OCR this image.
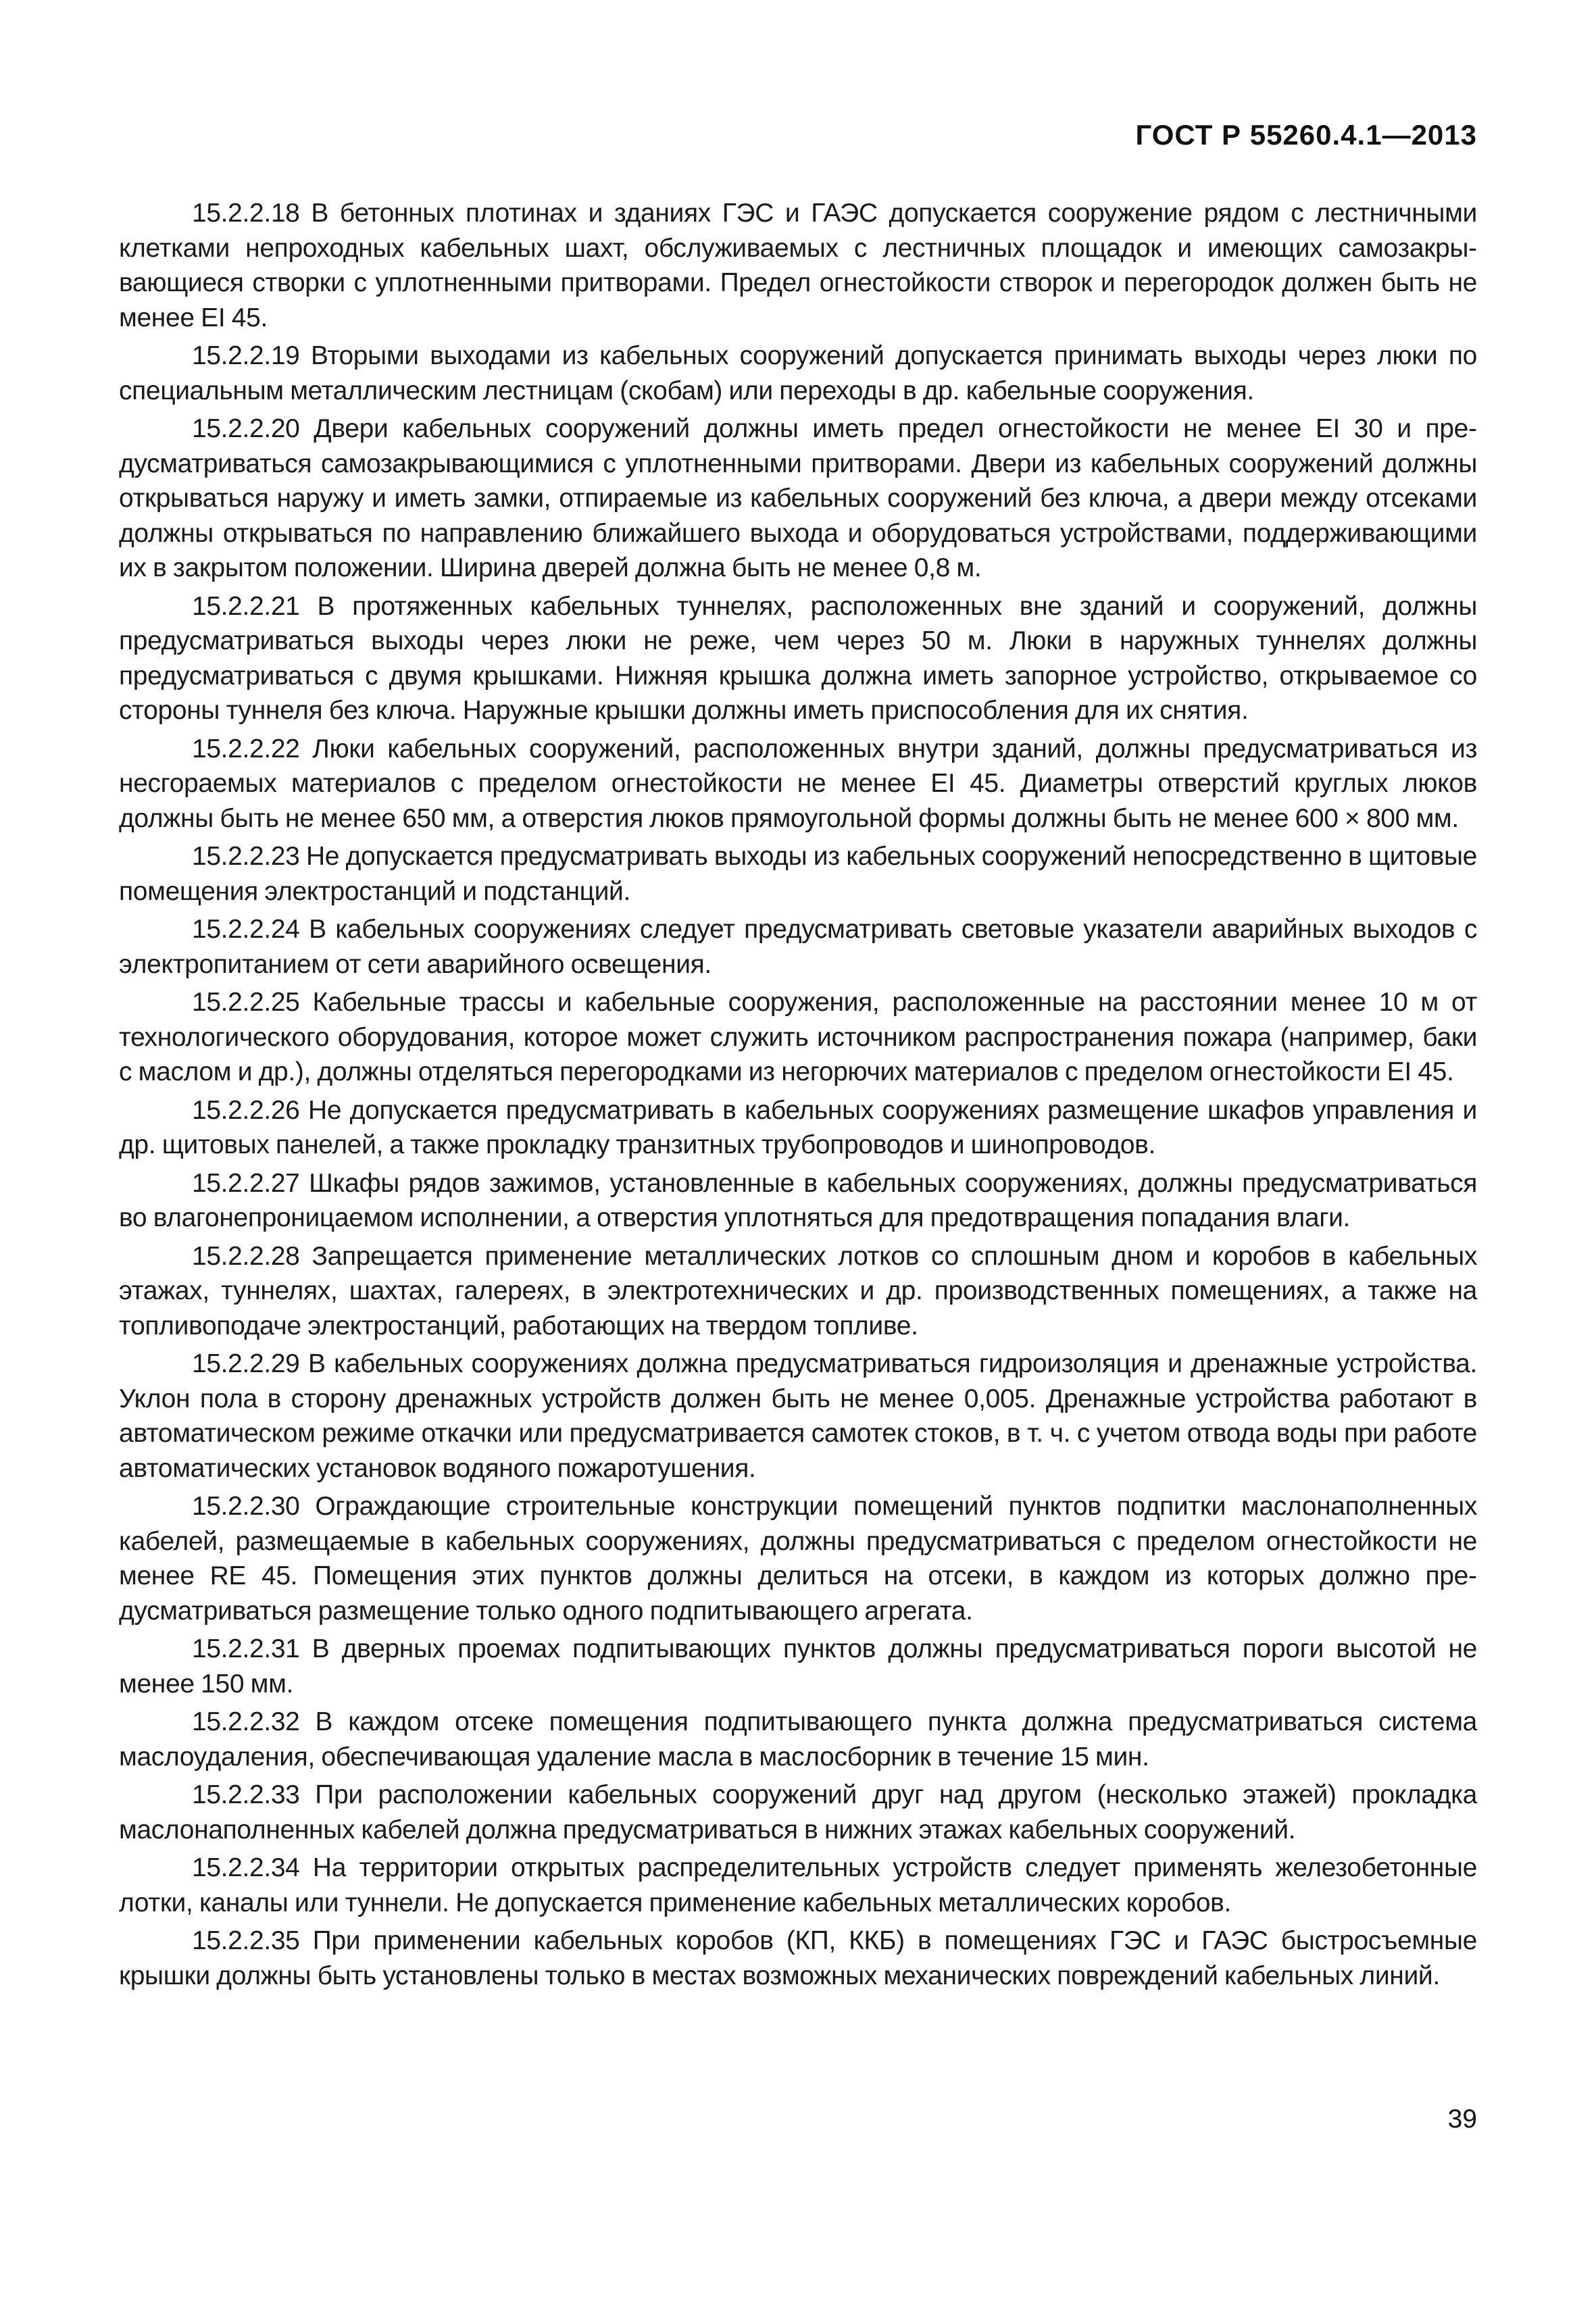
ГОСТ Р 55260.4.1—2013

15.2.2.18 В бетонных плотинах и зданиях ГЭС и ГАЭС допускается сооружение рядом с лестничными клетками непроходных кабельных шахт, обслуживаемых с лестничных площадок и имеющих самозакрывающиеся створки с уплотненными притворами. Предел огнестойкости створок и перегородок должен быть не менее EI 45.

15.2.2.19 Вторыми выходами из кабельных сооружений допускается принимать выходы через люки по специальным металлическим лестницам (скобам) или переходы в др. кабельные сооружения.

15.2.2.20 Двери кабельных сооружений должны иметь предел огнестойкости не менее EI 30 и предусматриваться самозакрывающимися с уплотненными притворами. Двери из кабельных сооружений должны открываться наружу и иметь замки, отпираемые из кабельных сооружений без ключа, а двери между отсеками должны открываться по направлению ближайшего выхода и оборудоваться устройствами, поддерживающими их в закрытом положении. Ширина дверей должна быть не менее 0,8 м.

15.2.2.21 В протяженных кабельных туннелях, расположенных вне зданий и сооружений, должны предусматриваться выходы через люки не реже, чем через 50 м. Люки в наружных туннелях должны предусматриваться с двумя крышками. Нижняя крышка должна иметь запорное устройство, открываемое со стороны туннеля без ключа. Наружные крышки должны иметь приспособления для их снятия.

15.2.2.22 Люки кабельных сооружений, расположенных внутри зданий, должны предусматриваться из несгораемых материалов с пределом огнестойкости не менее EI 45. Диаметры отверстий круглых люков должны быть не менее 650 мм, а отверстия люков прямоугольной формы должны быть не менее 600 × 800 мм.

15.2.2.23 Не допускается предусматривать выходы из кабельных сооружений непосредственно в щитовые помещения электростанций и подстанций.

15.2.2.24 В кабельных сооружениях следует предусматривать световые указатели аварийных выходов с электропитанием от сети аварийного освещения.

15.2.2.25 Кабельные трассы и кабельные сооружения, расположенные на расстоянии менее 10 м от технологического оборудования, которое может служить источником распространения пожара (например, баки с маслом и др.), должны отделяться перегородками из негорючих материалов с пределом огнестойкости EI 45.

15.2.2.26 Не допускается предусматривать в кабельных сооружениях размещение шкафов управления и др. щитовых панелей, а также прокладку транзитных трубопроводов и шинопроводов.

15.2.2.27 Шкафы рядов зажимов, установленные в кабельных сооружениях, должны предусматриваться во влагонепроницаемом исполнении, а отверстия уплотняться для предотвращения попадания влаги.

15.2.2.28 Запрещается применение металлических лотков со сплошным дном и коробов в кабельных этажах, туннелях, шахтах, галереях, в электротехнических и др. производственных помещениях, а также на топливоподаче электростанций, работающих на твердом топливе.

15.2.2.29 В кабельных сооружениях должна предусматриваться гидроизоляция и дренажные устройства. Уклон пола в сторону дренажных устройств должен быть не менее 0,005. Дренажные устройства работают в автоматическом режиме откачки или предусматривается самотек стоков, в т. ч. с учетом отвода воды при работе автоматических установок водяного пожаротушения.

15.2.2.30 Ограждающие строительные конструкции помещений пунктов подпитки маслонаполненных кабелей, размещаемые в кабельных сооружениях, должны предусматриваться с пределом огнестойкости не менее RE 45. Помещения этих пунктов должны делиться на отсеки, в каждом из которых должно предусматриваться размещение только одного подпитывающего агрегата.

15.2.2.31 В дверных проемах подпитывающих пунктов должны предусматриваться пороги высотой не менее 150 мм.

15.2.2.32 В каждом отсеке помещения подпитывающего пункта должна предусматриваться система маслоудаления, обеспечивающая удаление масла в маслосборник в течение 15 мин.

15.2.2.33 При расположении кабельных сооружений друг над другом (несколько этажей) прокладка маслонаполненных кабелей должна предусматриваться в нижних этажах кабельных сооружений.

15.2.2.34 На территории открытых распределительных устройств следует применять железобетонные лотки, каналы или туннели. Не допускается применение кабельных металлических коробов.

15.2.2.35 При применении кабельных коробов (КП, ККБ) в помещениях ГЭС и ГАЭС быстросъемные крышки должны быть установлены только в местах возможных механических повреждений кабельных линий.

39
